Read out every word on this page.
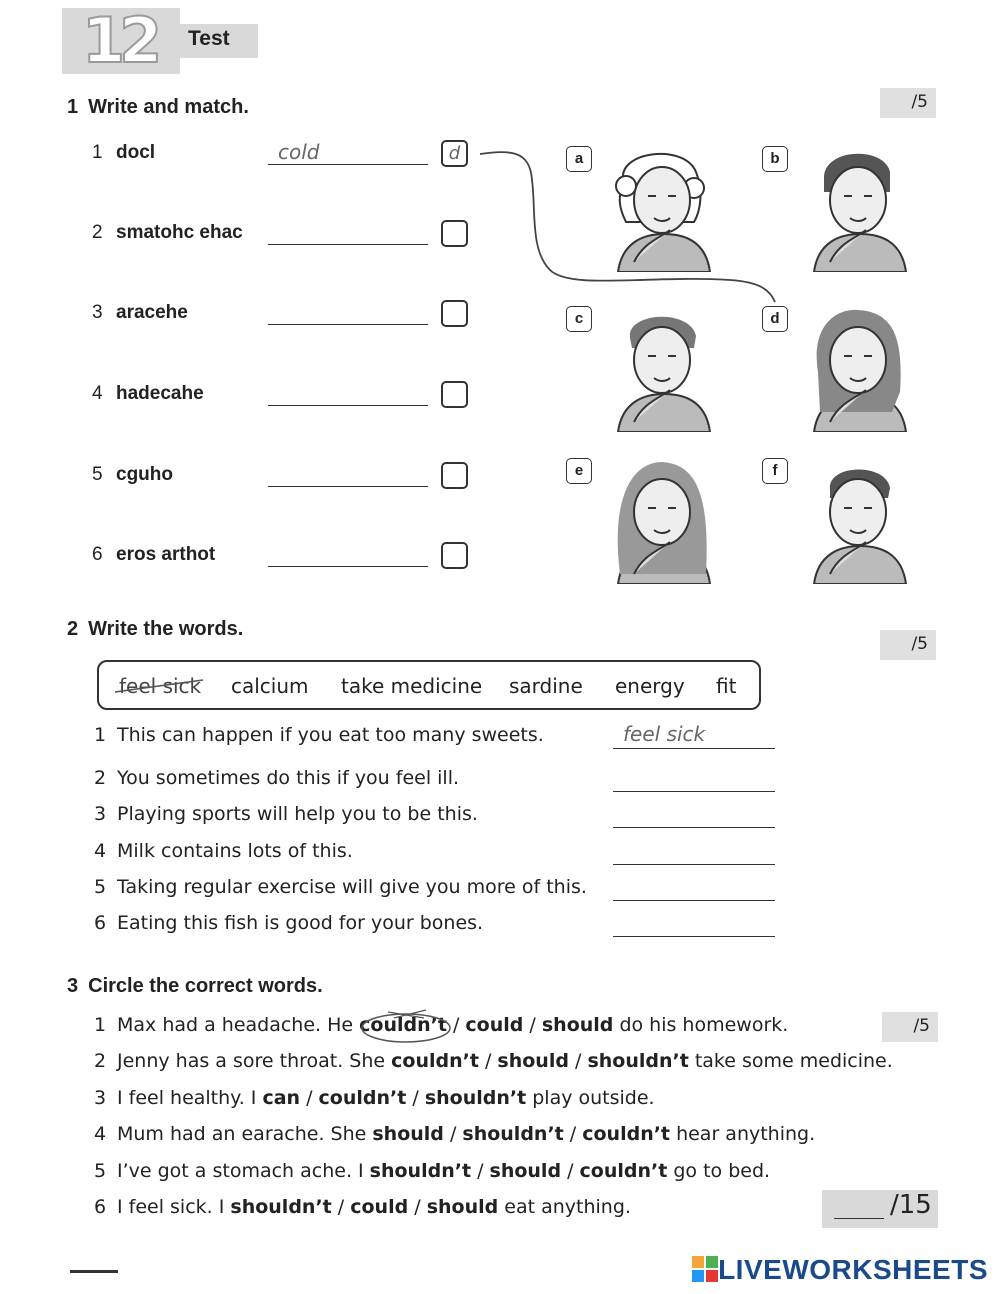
12 Test
1 Write and match.	/5
1 docl	cold	d
2 smatohc ehac
3 aracehe
4 hadecahe
5 cguho
6 eros arthot
a	b
c	d
e	f
2 Write the words.
/5
feel sick calcium take medicine sardine energy fit
1 This can happen if you eat too many sweets.	feel sick
2 You sometimes do this if you feel ill.
3 Playing sports will help you to be this.
4 Milk contains lots of this.
5 Taking regular exercise will give you more of this.
6 Eating this fish is good for your bones.
3 Circle the correct words.
/5
1 Max had a headache. He couldn’t / could / should do his homework.
2 Jenny has a sore throat. She couldn’t / should / shouldn’t take some medicine.
3 I feel healthy. I can / couldn’t / shouldn’t play outside.
4 Mum had an earache. She should / shouldn’t / couldn’t hear anything.
5 I’ve got a stomach ache. I shouldn’t / should / couldn’t go to bed.
6 I feel sick. I shouldn’t / could / should eat anything.	/15
LIVEWORKSHEETS
